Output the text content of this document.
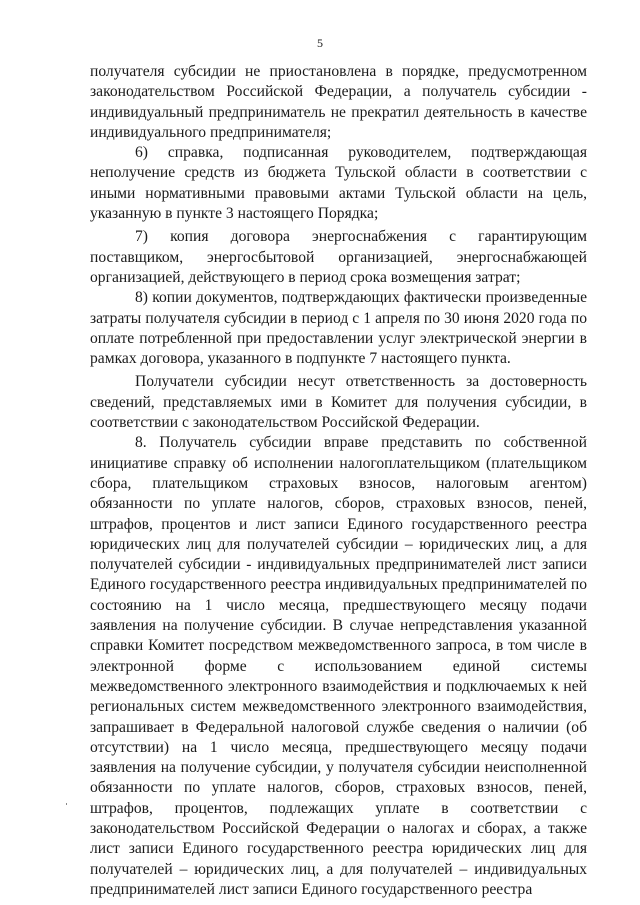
5

получателя субсидии не приостановлена в порядке, предусмотренном законодательством Российской Федерации, а получатель субсидии - индивидуальный предприниматель не прекратил деятельность в качестве индивидуального предпринимателя;

6) справка, подписанная руководителем, подтверждающая неполучение средств из бюджета Тульской области в соответствии с иными нормативными правовыми актами Тульской области на цель, указанную в пункте 3 настоящего Порядка;

7) копия договора энергоснабжения с гарантирующим поставщиком, энергосбытовой организацией, энергоснабжающей организацией, действующего в период срока возмещения затрат;

8) копии документов, подтверждающих фактически произведенные затраты получателя субсидии в период с 1 апреля по 30 июня 2020 года по оплате потребленной при предоставлении услуг электрической энергии в рамках договора, указанного в подпункте 7 настоящего пункта.

Получатели субсидии несут ответственность за достоверность сведений, представляемых ими в Комитет для получения субсидии, в соответствии с законодательством Российской Федерации.

8. Получатель субсидии вправе представить по собственной инициативе справку об исполнении налогоплательщиком (плательщиком сбора, плательщиком страховых взносов, налоговым агентом) обязанности по уплате налогов, сборов, страховых взносов, пеней, штрафов, процентов и лист записи Единого государственного реестра юридических лиц для получателей субсидии – юридических лиц, а для получателей субсидии - индивидуальных предпринимателей лист записи Единого государственного реестра индивидуальных предпринимателей по состоянию на 1 число месяца, предшествующего месяцу подачи заявления на получение субсидии. В случае непредставления указанной справки Комитет посредством межведомственного запроса, в том числе в электронной форме с использованием единой системы межведомственного электронного взаимодействия и подключаемых к ней региональных систем межведомственного электронного взаимодействия, запрашивает в Федеральной налоговой службе сведения о наличии (об отсутствии) на 1 число месяца, предшествующего месяцу подачи заявления на получение субсидии, у получателя субсидии неисполненной обязанности по уплате налогов, сборов, страховых взносов, пеней, штрафов, процентов, подлежащих уплате в соответствии с законодательством Российской Федерации о налогах и сборах, а также лист записи Единого государственного реестра юридических лиц для получателей – юридических лиц, а для получателей – индивидуальных предпринимателей лист записи Единого государственного реестра
